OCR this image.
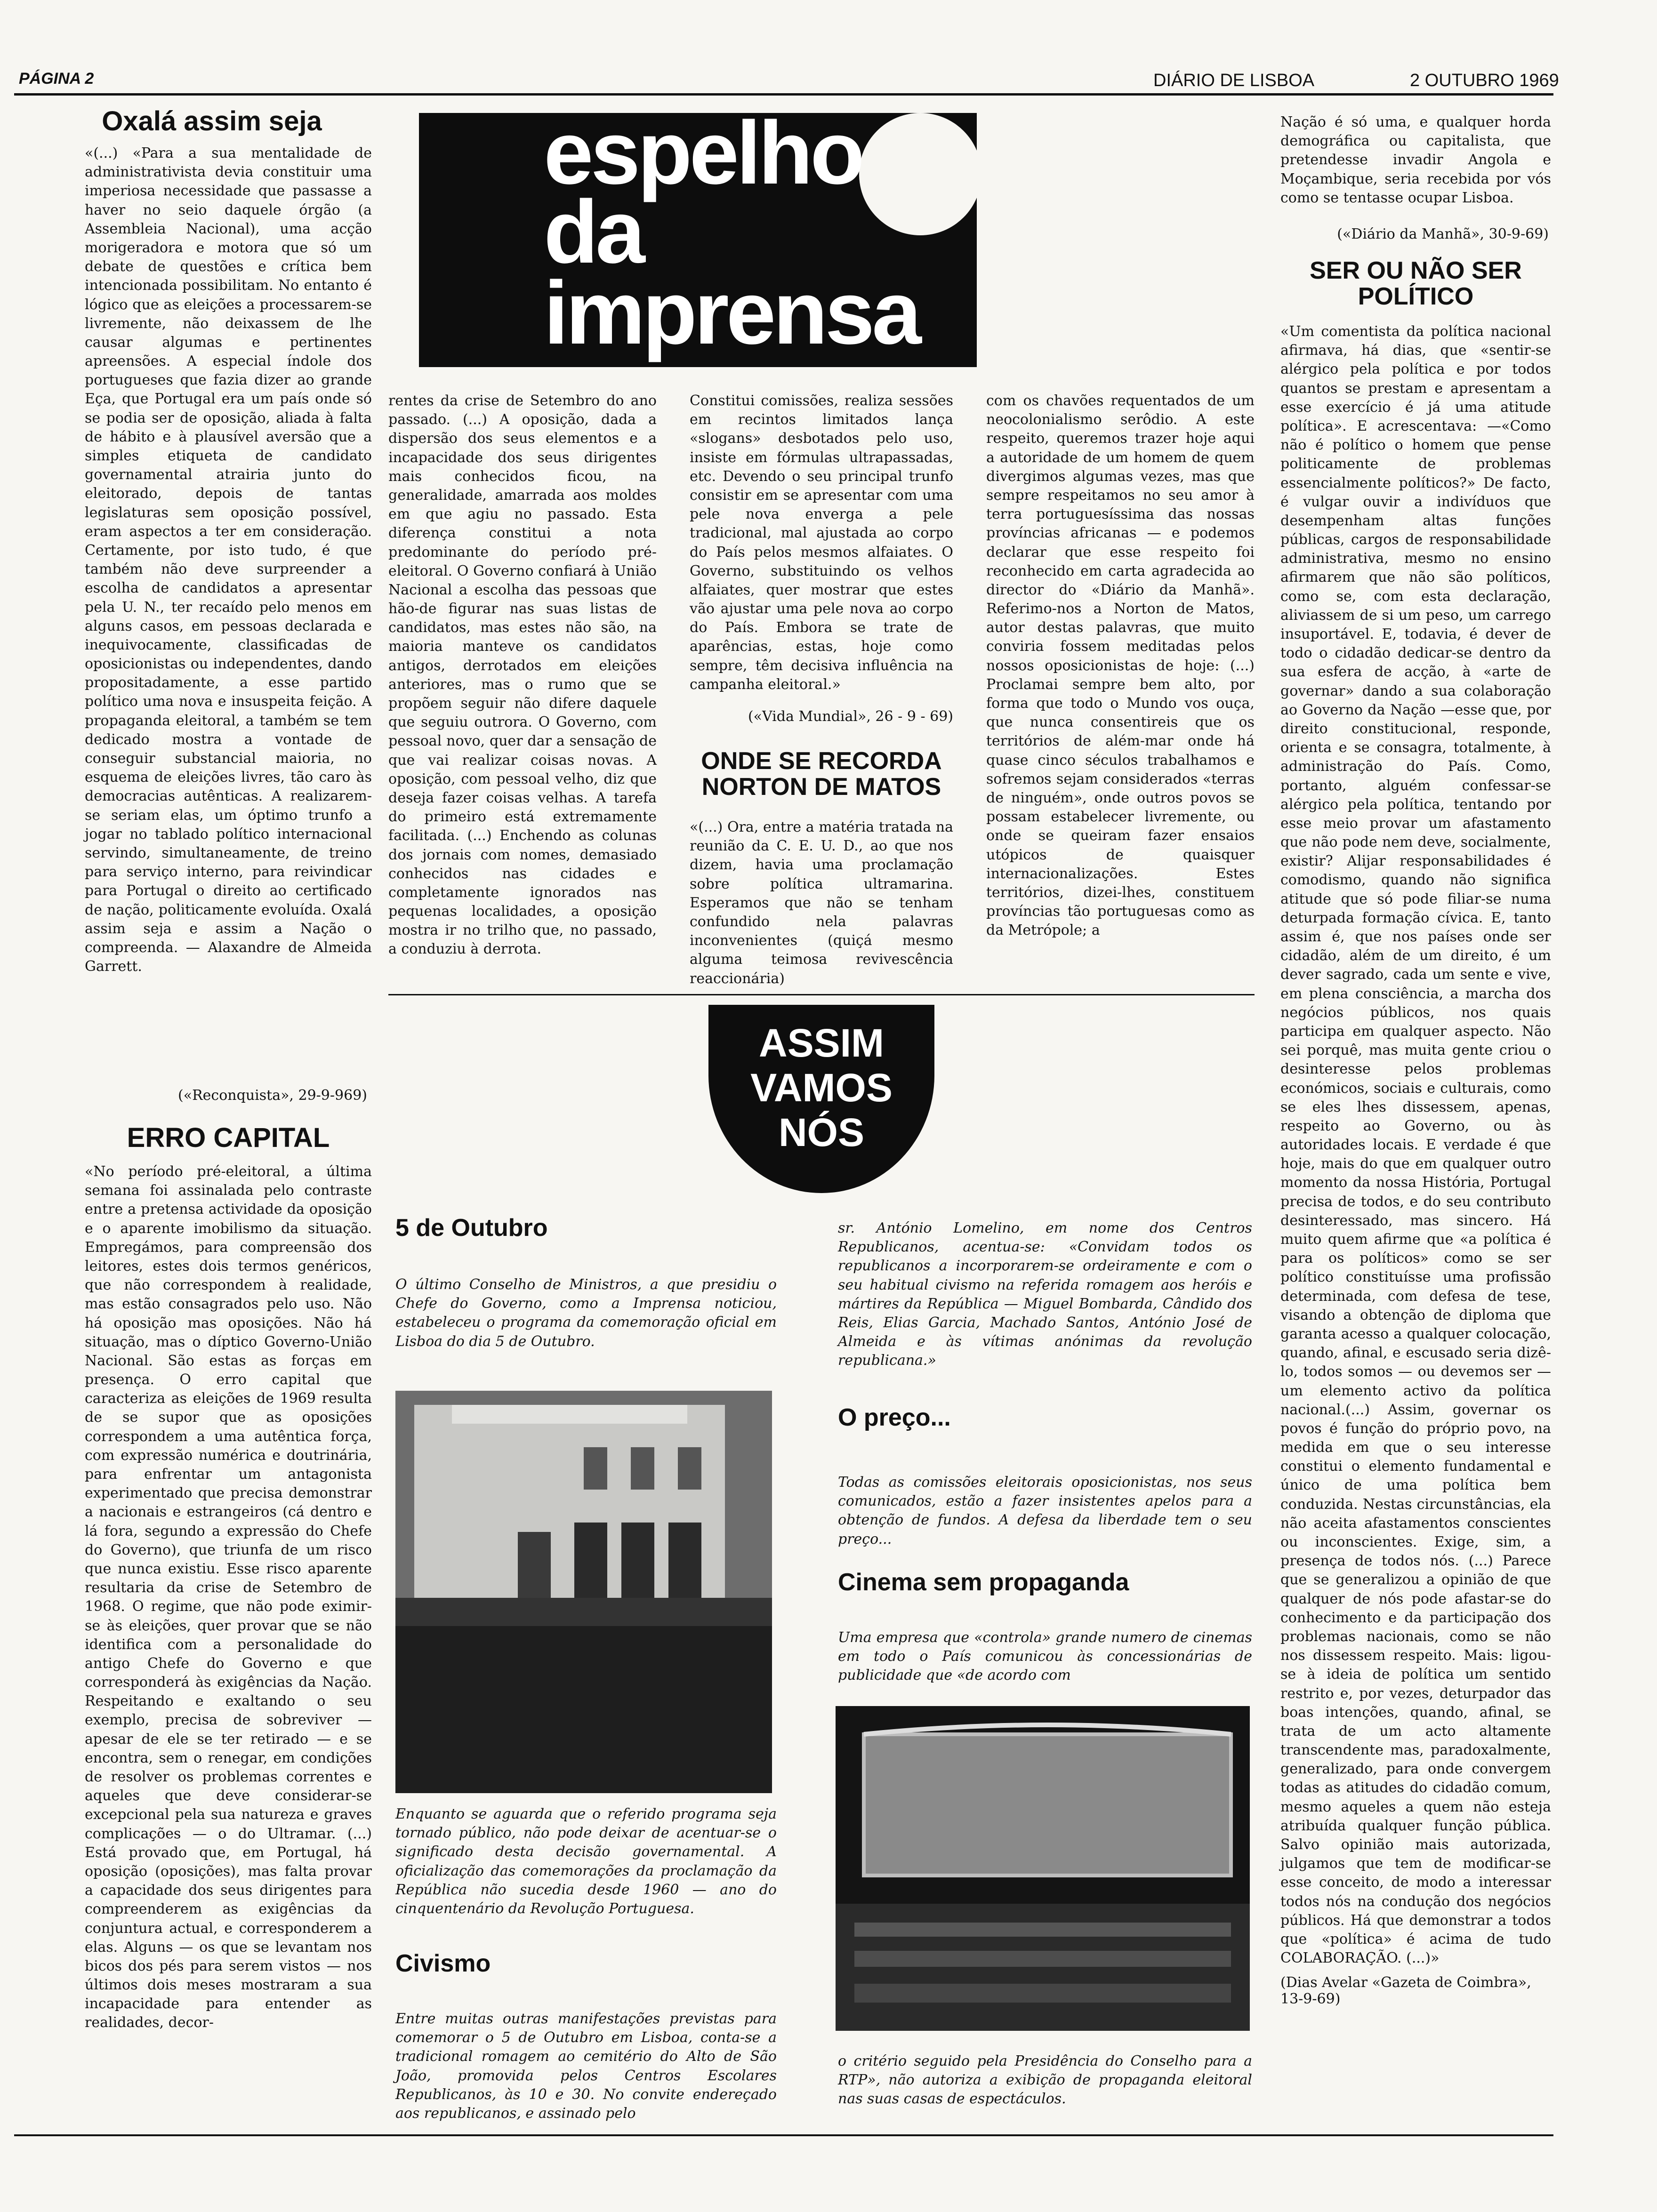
PÁGINA 2	DIÁRIO DE LISBOA	2 OUTUBRO 1969
espelho
da
imprensa
Oxalá assim seja
«(...) «Para a sua mentalidade de administrativista devia constituir uma imperiosa necessidade que passasse a haver no seio daquele órgão (a Assembleia Nacional), uma acção morigeradora e motora que só um debate de questões e crítica bem intencionada possibilitam. No entanto é lógico que as eleições a processarem-se livremente, não deixassem de lhe causar algumas e pertinentes apreensões. A especial índole dos portugueses que fazia dizer ao grande Eça, que Portugal era um país onde só se podia ser de oposição, aliada à falta de hábito e à plausível aversão que a simples etiqueta de candidato governamental atrairia junto do eleitorado, depois de tantas legislaturas sem oposição possível, eram aspectos a ter em consideração. Certamente, por isto tudo, é que também não deve surpreender a escolha de candidatos a apresentar pela U. N., ter recaído pelo menos em alguns casos, em pessoas declarada e inequivocamente, classificadas de oposicionistas ou independentes, dando propositadamente, a esse partido político uma nova e insuspeita feição. A propaganda eleitoral, a também se tem dedicado mostra a vontade de conseguir substancial maioria, no esquema de eleições livres, tão caro às democracias autênticas. A realizarem-se seriam elas, um óptimo trunfo a jogar no tablado político internacional servindo, simultaneamente, de treino para serviço interno, para reivindicar para Portugal o direito ao certificado de nação, politicamente evoluída. Oxalá assim seja e assim a Nação o compreenda. — Alaxandre de Almeida Garrett.
(«Reconquista», 29-9-969)
ERRO CAPITAL
«No período pré-eleitoral, a última semana foi assinalada pelo contraste entre a pretensa actividade da oposição e o aparente imobilismo da situação. Empregámos, para compreensão dos leitores, estes dois termos genéricos, que não correspondem à realidade, mas estão consagrados pelo uso. Não há oposição mas oposições. Não há situação, mas o díptico Governo-União Nacional. São estas as forças em presença. O erro capital que caracteriza as eleições de 1969 resulta de se supor que as oposições correspondem a uma autêntica força, com expressão numérica e doutrinária, para enfrentar um antagonista experimentado que precisa demonstrar a nacionais e estrangeiros (cá dentro e lá fora, segundo a expressão do Chefe do Governo), que triunfa de um risco que nunca existiu. Esse risco aparente resultaria da crise de Setembro de 1968. O regime, que não pode eximir-se às eleições, quer provar que se não identifica com a personalidade do antigo Chefe do Governo e que corresponderá às exigências da Nação. Respeitando e exaltando o seu exemplo, precisa de sobreviver — apesar de ele se ter retirado — e se encontra, sem o renegar, em condições de resolver os problemas correntes e aqueles que deve considerar-se excepcional pela sua natureza e graves complicações — o do Ultramar. (...) Está provado que, em Portugal, há oposição (oposições), mas falta provar a capacidade dos seus dirigentes para compreenderem as exigências da conjuntura actual, e corresponderem a elas. Alguns — os que se levantam nos bicos dos pés para serem vistos — nos últimos dois meses mostraram a sua incapacidade para entender as realidades, decor-
rentes da crise de Setembro do ano passado. (...) A oposição, dada a dispersão dos seus elementos e a incapacidade dos seus dirigentes mais conhecidos ficou, na generalidade, amarrada aos moldes em que agiu no passado. Esta diferença constitui a nota predominante do período pré-eleitoral. O Governo confiará à União Nacional a escolha das pessoas que hão-de figurar nas suas listas de candidatos, mas estes não são, na maioria manteve os candidatos antigos, derrotados em eleições anteriores, mas o rumo que se propõem seguir não difere daquele que seguiu outrora. O Governo, com pessoal novo, quer dar a sensação de que vai realizar coisas novas. A oposição, com pessoal velho, diz que deseja fazer coisas velhas. A tarefa do primeiro está extremamente facilitada. (...) Enchendo as colunas dos jornais com nomes, demasiado conhecidos nas cidades e completamente ignorados nas pequenas localidades, a oposição mostra ir no trilho que, no passado, a conduziu à derrota.
Constitui comissões, realiza sessões em recintos limitados lança «slogans» desbotados pelo uso, insiste em fórmulas ultrapassadas, etc. Devendo o seu principal trunfo consistir em se apresentar com uma pele nova enverga a pele tradicional, mal ajustada ao corpo do País pelos mesmos alfaiates. O Governo, substituindo os velhos alfaiates, quer mostrar que estes vão ajustar uma pele nova ao corpo do País. Embora se trate de aparências, estas, hoje como sempre, têm decisiva influência na campanha eleitoral.»
(«Vida Mundial», 26 - 9 - 69)
ONDE SE RECORDA NORTON DE MATOS
«(...) Ora, entre a matéria tratada na reunião da C. E. U. D., ao que nos dizem, havia uma proclamação sobre política ultramarina. Esperamos que não se tenham confundido nela palavras inconvenientes (quiçá mesmo alguma teimosa revivescência reaccionária)
com os chavões requentados de um neocolonialismo serôdio. A este respeito, queremos trazer hoje aqui a autoridade de um homem de quem divergimos algumas vezes, mas que sempre respeitamos no seu amor à terra portuguesíssima das nossas províncias africanas — e podemos declarar que esse respeito foi reconhecido em carta agradecida ao director do «Diário da Manhã». Referimo-nos a Norton de Matos, autor destas palavras, que muito conviria fossem meditadas pelos nossos oposicionistas de hoje: (...) Proclamai sempre bem alto, por forma que todo o Mundo vos ouça, que nunca consentireis que os territórios de além-mar onde há quase cinco séculos trabalhamos e sofremos sejam considerados «terras de ninguém», onde outros povos se possam estabelecer livremente, ou onde se queiram fazer ensaios utópicos de quaisquer internacionalizações. Estes territórios, dizei-lhes, constituem províncias tão portuguesas como as da Metrópole; a
Nação é só uma, e qualquer horda demográfica ou capitalista, que pretendesse invadir Angola e Moçambique, seria recebida por vós como se tentasse ocupar Lisboa.
(«Diário da Manhã», 30-9-69)
SER OU NÃO SER POLÍTICO
«Um comentista da política nacional afirmava, há dias, que «sentir-se alérgico pela política e por todos quantos se prestam e apresentam a esse exercício é já uma atitude política». E acrescentava: —«Como não é político o homem que pense politicamente de problemas essencialmente políticos?» De facto, é vulgar ouvir a indivíduos que desempenham altas funções públicas, cargos de responsabilidade administrativa, mesmo no ensino afirmarem que não são políticos, como se, com esta declaração, aliviassem de si um peso, um carrego insuportável. E, todavia, é dever de todo o cidadão dedicar-se dentro da sua esfera de acção, à «arte de governar» dando a sua colaboração ao Governo da Nação —esse que, por direito constitucional, responde, orienta e se consagra, totalmente, à administração do País. Como, portanto, alguém confessar-se alérgico pela política, tentando por esse meio provar um afastamento que não pode nem deve, socialmente, existir? Alijar responsabilidades é comodismo, quando não significa atitude que só pode filiar-se numa deturpada formação cívica. E, tanto assim é, que nos países onde ser cidadão, além de um direito, é um dever sagrado, cada um sente e vive, em plena consciência, a marcha dos negócios públicos, nos quais participa em qualquer aspecto. Não sei porquê, mas muita gente criou o desinteresse pelos problemas económicos, sociais e culturais, como se eles lhes dissessem, apenas, respeito ao Governo, ou às autoridades locais. E verdade é que hoje, mais do que em qualquer outro momento da nossa História, Portugal precisa de todos, e do seu contributo desinteressado, mas sincero. Há muito quem afirme que «a política é para os políticos» como se ser político constituísse uma profissão determinada, com defesa de tese, visando a obtenção de diploma que garanta acesso a qualquer colocação, quando, afinal, e escusado seria dizê-lo, todos somos — ou devemos ser — um elemento activo da política nacional.(...) Assim, governar os povos é função do próprio povo, na medida em que o seu interesse constitui o elemento fundamental e único de uma política bem conduzida. Nestas circunstâncias, ela não aceita afastamentos conscientes ou inconscientes. Exige, sim, a presença de todos nós. (...) Parece que se generalizou a opinião de que qualquer de nós pode afastar-se do conhecimento e da participação dos problemas nacionais, como se não nos dissessem respeito. Mais: ligou-se à ideia de política um sentido restrito e, por vezes, deturpador das boas intenções, quando, afinal, se trata de um acto altamente transcendente mas, paradoxalmente, generalizado, para onde convergem todas as atitudes do cidadão comum, mesmo aqueles a quem não esteja atribuída qualquer função pública. Salvo opinião mais autorizada, julgamos que tem de modificar-se esse conceito, de modo a interessar todos nós na condução dos negócios públicos. Há que demonstrar a todos que «política» é acima de tudo COLABORAÇÃO. (...)»
(Dias Avelar «Gazeta de Coimbra», 13-9-69)
ASSIM
VAMOS
NÓS
5 de Outubro
O último Conselho de Ministros, a que presidiu o Chefe do Governo, como a Imprensa noticiou, estabeleceu o programa da comemoração oficial em Lisboa do dia 5 de Outubro.
Enquanto se aguarda que o referido programa seja tornado público, não pode deixar de acentuar-se o significado desta decisão governamental. A oficialização das comemorações da proclamação da República não sucedia desde 1960 — ano do cinquentenário da Revolução Portuguesa.
Civismo
Entre muitas outras manifestações previstas para comemorar o 5 de Outubro em Lisboa, conta-se a tradicional romagem ao cemitério do Alto de São João, promovida pelos Centros Escolares Republicanos, às 10 e 30. No convite endereçado aos republicanos, e assinado pelo
sr. António Lomelino, em nome dos Centros Republicanos, acentua-se: «Convidam todos os republicanos a incorporarem-se ordeiramente e com o seu habitual civismo na referida romagem aos heróis e mártires da República — Miguel Bombarda, Cândido dos Reis, Elias Garcia, Machado Santos, António José de Almeida e às vítimas anónimas da revolução republicana.»
O preço...
Todas as comissões eleitorais oposicionistas, nos seus comunicados, estão a fazer insistentes apelos para a obtenção de fundos. A defesa da liberdade tem o seu preço...
Cinema sem propaganda
Uma empresa que «controla» grande numero de cinemas em todo o País comunicou às concessionárias de publicidade que «de acordo com
o critério seguido pela Presidência do Conselho para a RTP», não autoriza a exibição de propaganda eleitoral nas suas casas de espectáculos.
